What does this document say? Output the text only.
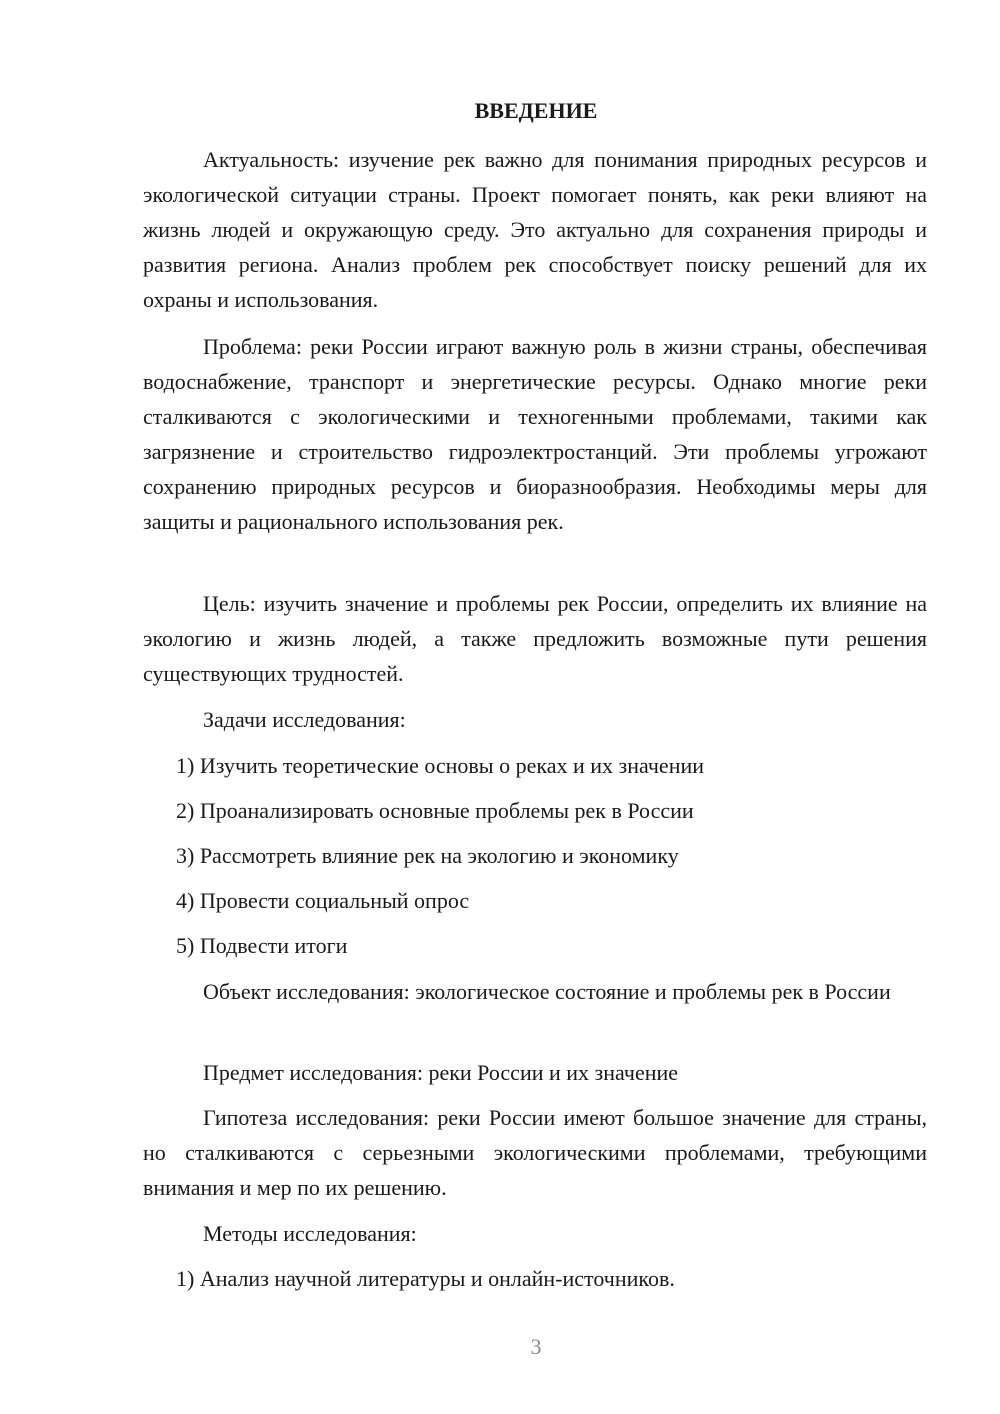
ВВЕДЕНИЕ

Актуальность: изучение рек важно для понимания природных ресурсов и экологической ситуации страны. Проект помогает понять, как реки влияют на жизнь людей и окружающую среду. Это актуально для сохранения природы и развития региона. Анализ проблем рек способствует поиску решений для их охраны и использования.

Проблема: реки России играют важную роль в жизни страны, обеспечивая водоснабжение, транспорт и энергетические ресурсы. Однако многие реки сталкиваются с экологическими и техногенными проблемами, такими как загрязнение и строительство гидроэлектростанций. Эти проблемы угрожают сохранению природных ресурсов и биоразнообразия. Необходимы меры для защиты и рационального использования рек.

Цель: изучить значение и проблемы рек России, определить их влияние на экологию и жизнь людей, а также предложить возможные пути решения существующих трудностей.

Задачи исследования:

1) Изучить теоретические основы о реках и их значении

2) Проанализировать основные проблемы рек в России

3) Рассмотреть влияние рек на экологию и экономику

4) Провести социальный опрос

5) Подвести итоги

Объект исследования: экологическое состояние и проблемы рек в России

Предмет исследования: реки России и их значение

Гипотеза исследования: реки России имеют большое значение для страны, но сталкиваются с серьезными экологическими проблемами, требующими внимания и мер по их решению.

Методы исследования:

1) Анализ научной литературы и онлайн-источников.

3
